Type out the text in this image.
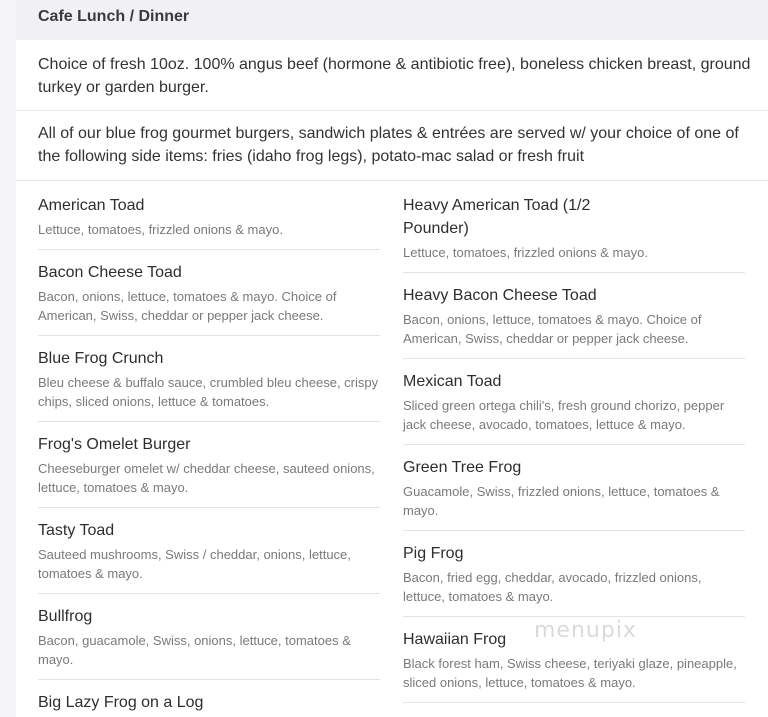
Cafe Lunch / Dinner
Choice of fresh 10oz. 100% angus beef (hormone & antibiotic free), boneless chicken breast, ground turkey or garden burger.
All of our blue frog gourmet burgers, sandwich plates & entrées are served w/ your choice of one of the following side items: fries (idaho frog legs), potato-mac salad or fresh fruit
American Toad
Lettuce, tomatoes, frizzled onions & mayo.
Bacon Cheese Toad
Bacon, onions, lettuce, tomatoes & mayo. Choice of American, Swiss, cheddar or pepper jack cheese.
Blue Frog Crunch
Bleu cheese & buffalo sauce, crumbled bleu cheese, crispy chips, sliced onions, lettuce & tomatoes.
Frog's Omelet Burger
Cheeseburger omelet w/ cheddar cheese, sauteed onions, lettuce, tomatoes & mayo.
Tasty Toad
Sauteed mushrooms, Swiss / cheddar, onions, lettuce, tomatoes & mayo.
Bullfrog
Bacon, guacamole, Swiss, onions, lettuce, tomatoes & mayo.
Big Lazy Frog on a Log
Heavy American Toad (1/2 Pounder)
Lettuce, tomatoes, frizzled onions & mayo.
Heavy Bacon Cheese Toad
Bacon, onions, lettuce, tomatoes & mayo. Choice of American, Swiss, cheddar or pepper jack cheese.
Mexican Toad
Sliced green ortega chili's, fresh ground chorizo, pepper jack cheese, avocado, tomatoes, lettuce & mayo.
Green Tree Frog
Guacamole, Swiss, frizzled onions, lettuce, tomatoes & mayo.
Pig Frog
Bacon, fried egg, cheddar, avocado, frizzled onions, lettuce, tomatoes & mayo.
Hawaiian Frog
Black forest ham, Swiss cheese, teriyaki glaze, pineapple, sliced onions, lettuce, tomatoes & mayo.
menupix
